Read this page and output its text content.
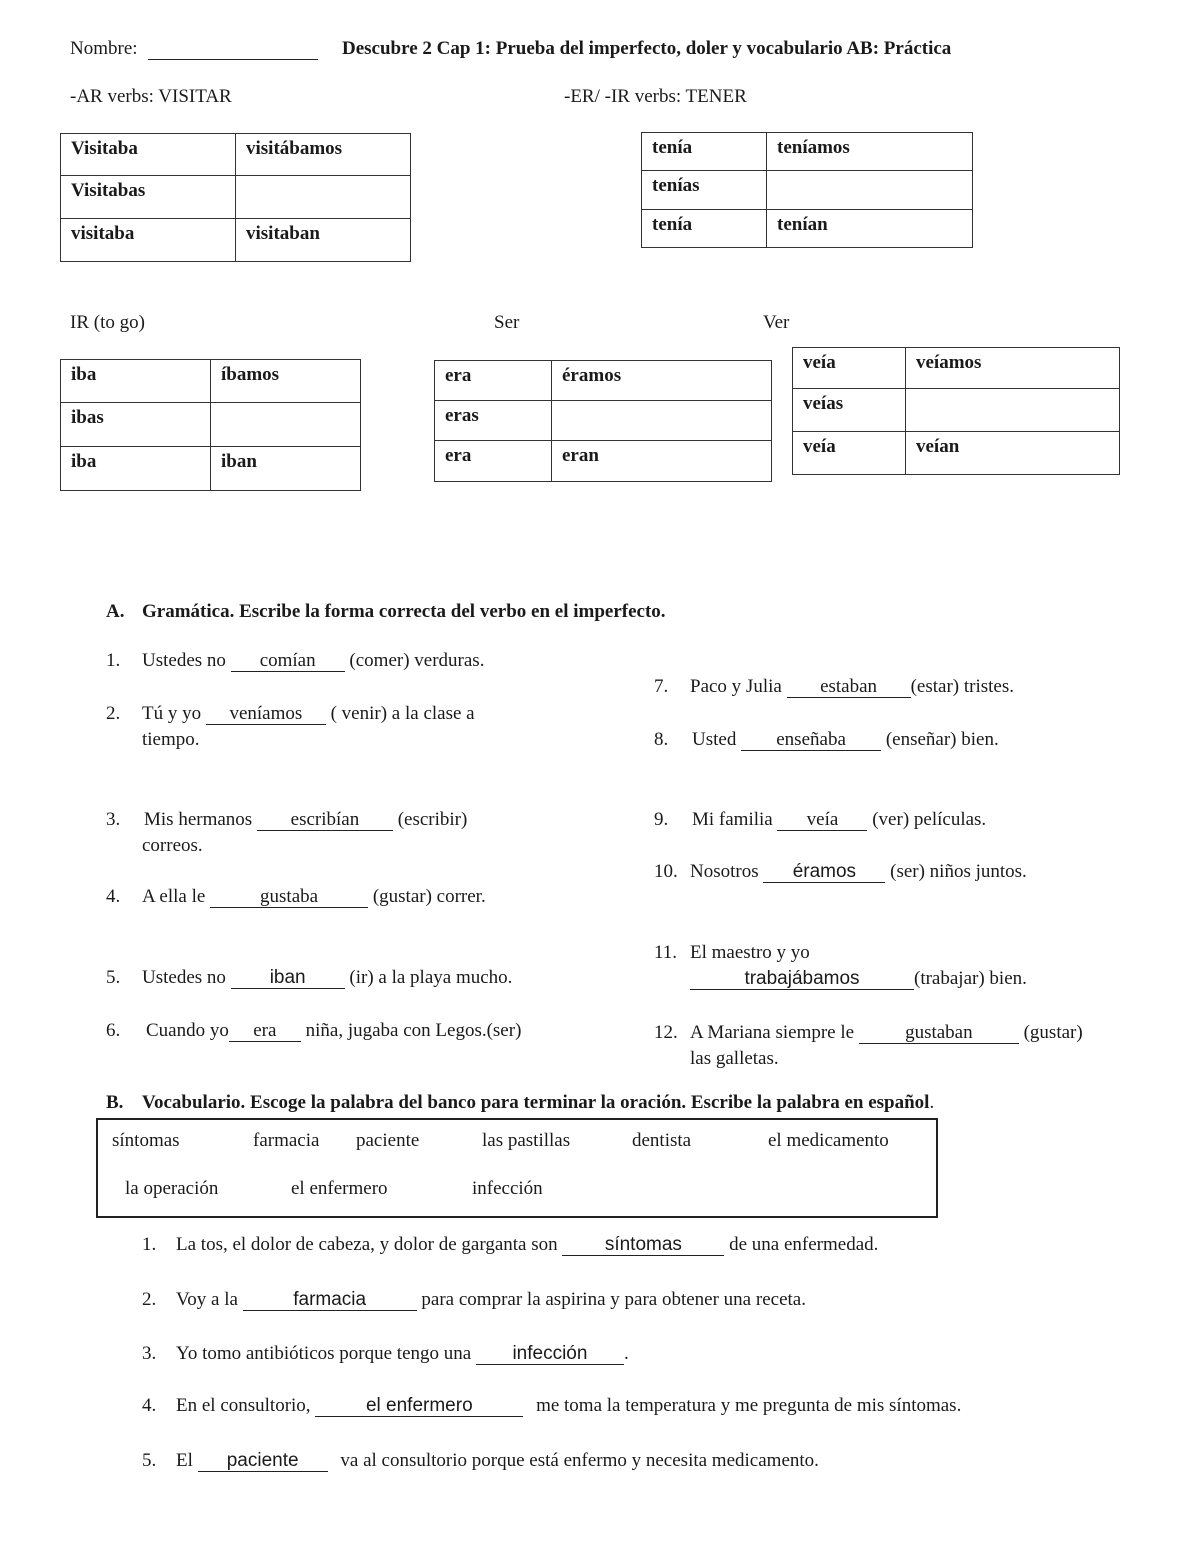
Nombre:	Descubre 2 Cap 1: Prueba del imperfecto, doler y vocabulario AB: Práctica
-AR verbs: VISITAR	-ER/ -IR verbs: TENER
Visitaba	visitábamos
Visitabas	
visitaba	visitaban
tenía	teníamos
tenías	
tenía	tenían
IR (to go)	Ser	Ver
iba	íbamos
ibas	
iba	iban
era	éramos
eras	
era	eran
veía	veíamos
veías	
veía	veían
A. Gramática. Escribe la forma correcta del verbo en el imperfecto.
1. Ustedes no comían (comer) verduras.
2. Tú y yo veníamos ( venir) a la clase a
tiempo.
3. Mis hermanos escribían (escribir)
correos.
4. A ella le	gustaba	(gustar) correr.
5. Ustedes no iban (ir) a la playa mucho.
6. Cuando yo era niña, jugaba con Legos.(ser)
7. Paco y Julia estaban (estar) tristes.
8. Usted enseñaba (enseñar) bien.
9. Mi familia veía (ver) películas.
10. Nosotros éramos (ser) niños juntos.
11. El maestro y yo
trabajábamos	(trabajar) bien.
12. A Mariana siempre le	gustaban	(gustar)
las galletas.
B. Vocabulario. Escoge la palabra del banco para terminar la oración. Escribe la palabra en español.
síntomas	farmacia paciente	las pastillas	dentista	el medicamento
la operación	el enfermero	infección
1. La tos, el dolor de cabeza, y dolor de garganta son síntomas de una enfermedad.
2. Voy a la	farmacia	para comprar la aspirina y para obtener una receta.
3. Yo tomo antibióticos porque tengo una infección .
4. En el consultorio,	el enfermero	me toma la temperatura y me pregunta de mis síntomas.
5. El paciente va al consultorio porque está enfermo y necesita medicamento.
